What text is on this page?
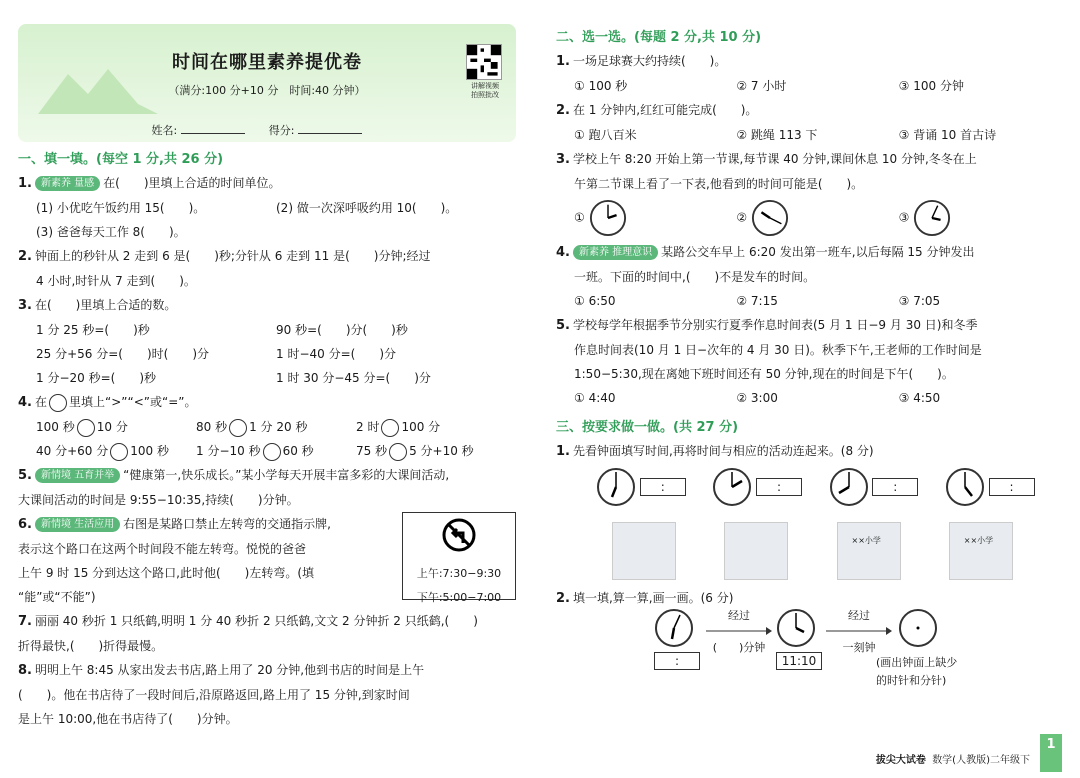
时间在哪里素养提优卷
（满分:100 分+10 分　时间:40 分钟）	讲解视频
拍照批改
姓名:	得分:
一、填一填。(每空 1 分,共 26 分)
1. 新素养 量感 在(　　)里填上合适的时间单位。
(1) 小优吃午饭约用 15(　　)。	(2) 做一次深呼吸约用 10(　　)。
(3) 爸爸每天工作 8(　　)。
2. 钟面上的秒针从 2 走到 6 是(　　)秒;分针从 6 走到 11 是(　　)分钟;经过
4 小时,时针从 7 走到(　　)。
3. 在(　　)里填上合适的数。
1 分 25 秒=(　　)秒	90 秒=(　　)分(　　)秒
25 分+56 分=(　　)时(　　)分	1 时−40 分=(　　)分
1 分−20 秒=(　　)秒	1 时 30 分−45 分=(　　)分
4. 在 里填上“>”“<”或“=”。
100 秒 10 分	80 秒 1 分 20 秒	2 时 100 分
40 分+60 分 100 秒	1 分−10 秒 60 秒	75 秒 5 分+10 秒
5. 新情境 五育并举 “健康第一,快乐成长。”某小学每天开展丰富多彩的大课间活动,
大课间活动的时间是 9:55−10:35,持续(　　)分钟。
上午:7:30−9:30
下午:5:00−7:00
6. 新情境 生活应用 右图是某路口禁止左转弯的交通指示牌,
表示这个路口在这两个时间段不能左转弯。悦悦的爸爸
上午 9 时 15 分到达这个路口,此时他(　　)左转弯。(填
“能”或“不能”)
7. 丽丽 40 秒折 1 只纸鹤,明明 1 分 40 秒折 2 只纸鹤,文文 2 分钟折 2 只纸鹤,(　　)
折得最快,(　　)折得最慢。
8. 明明上午 8:45 从家出发去书店,路上用了 20 分钟,他到书店的时间是上午
(　　)。他在书店待了一段时间后,沿原路返回,路上用了 15 分钟,到家时间
是上午 10:00,他在书店待了(　　)分钟。
二、选一选。(每题 2 分,共 10 分)
1. 一场足球赛大约持续(　　)。
① 100 秒	② 7 小时	③ 100 分钟
2. 在 1 分钟内,红红可能完成(　　)。
① 跑八百米	② 跳绳 113 下	③ 背诵 10 首古诗
3. 学校上午 8:20 开始上第一节课,每节课 40 分钟,课间休息 10 分钟,冬冬在上
午第二节课上看了一下表,他看到的时间可能是(　　)。
①	②	③
4. 新素养 推理意识 某路公交车早上 6:20 发出第一班车,以后每隔 15 分钟发出
一班。下面的时间中,(　　)不是发车的时间。
① 6:50	② 7:15	③ 7:05
5. 学校每学年根据季节分别实行夏季作息时间表(5 月 1 日−9 月 30 日)和冬季
作息时间表(10 月 1 日−次年的 4 月 30 日)。秋季下午,王老师的工作时间是
1:50−5:30,现在离她下班时间还有 50 分钟,现在的时间是下午(　　)。
① 4:40	② 3:00	③ 4:50
三、按要求做一做。(共 27 分)
1. 先看钟面填写时间,再将时间与相应的活动连起来。(8 分)
:	:	:	:
××小学	××小学
2. 填一填,算一算,画一画。(6 分)
:
经过
(　　)分钟
11:10
经过
一刻钟
(画出钟面上缺少
的时针和分针)
拔尖大试卷 数学(人教版)二年级下
1
